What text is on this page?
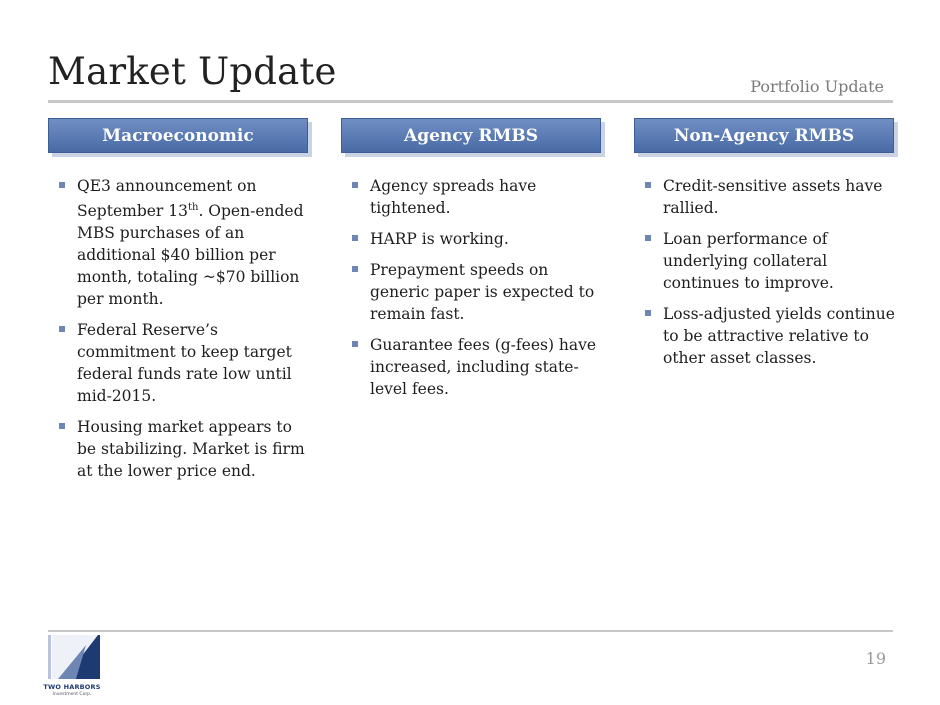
Market Update	Portfolio Update
Macroeconomic
QE3 announcement on September 13th. Open-ended MBS purchases of an additional $40 billion per month, totaling ~$70 billion per month.
Federal Reserve’s commitment to keep target federal funds rate low until mid-2015.
Housing market appears to be stabilizing. Market is firm at the lower price end.
Agency RMBS
Agency spreads have tightened.
HARP is working.
Prepayment speeds on generic paper is expected to remain fast.
Guarantee fees (g-fees) have increased, including state-level fees.
Non-Agency RMBS
Credit-sensitive assets have rallied.
Loan performance of underlying collateral continues to improve.
Loss-adjusted yields continue to be attractive relative to other asset classes.
TWO HARBORS
Investment Corp.
19
